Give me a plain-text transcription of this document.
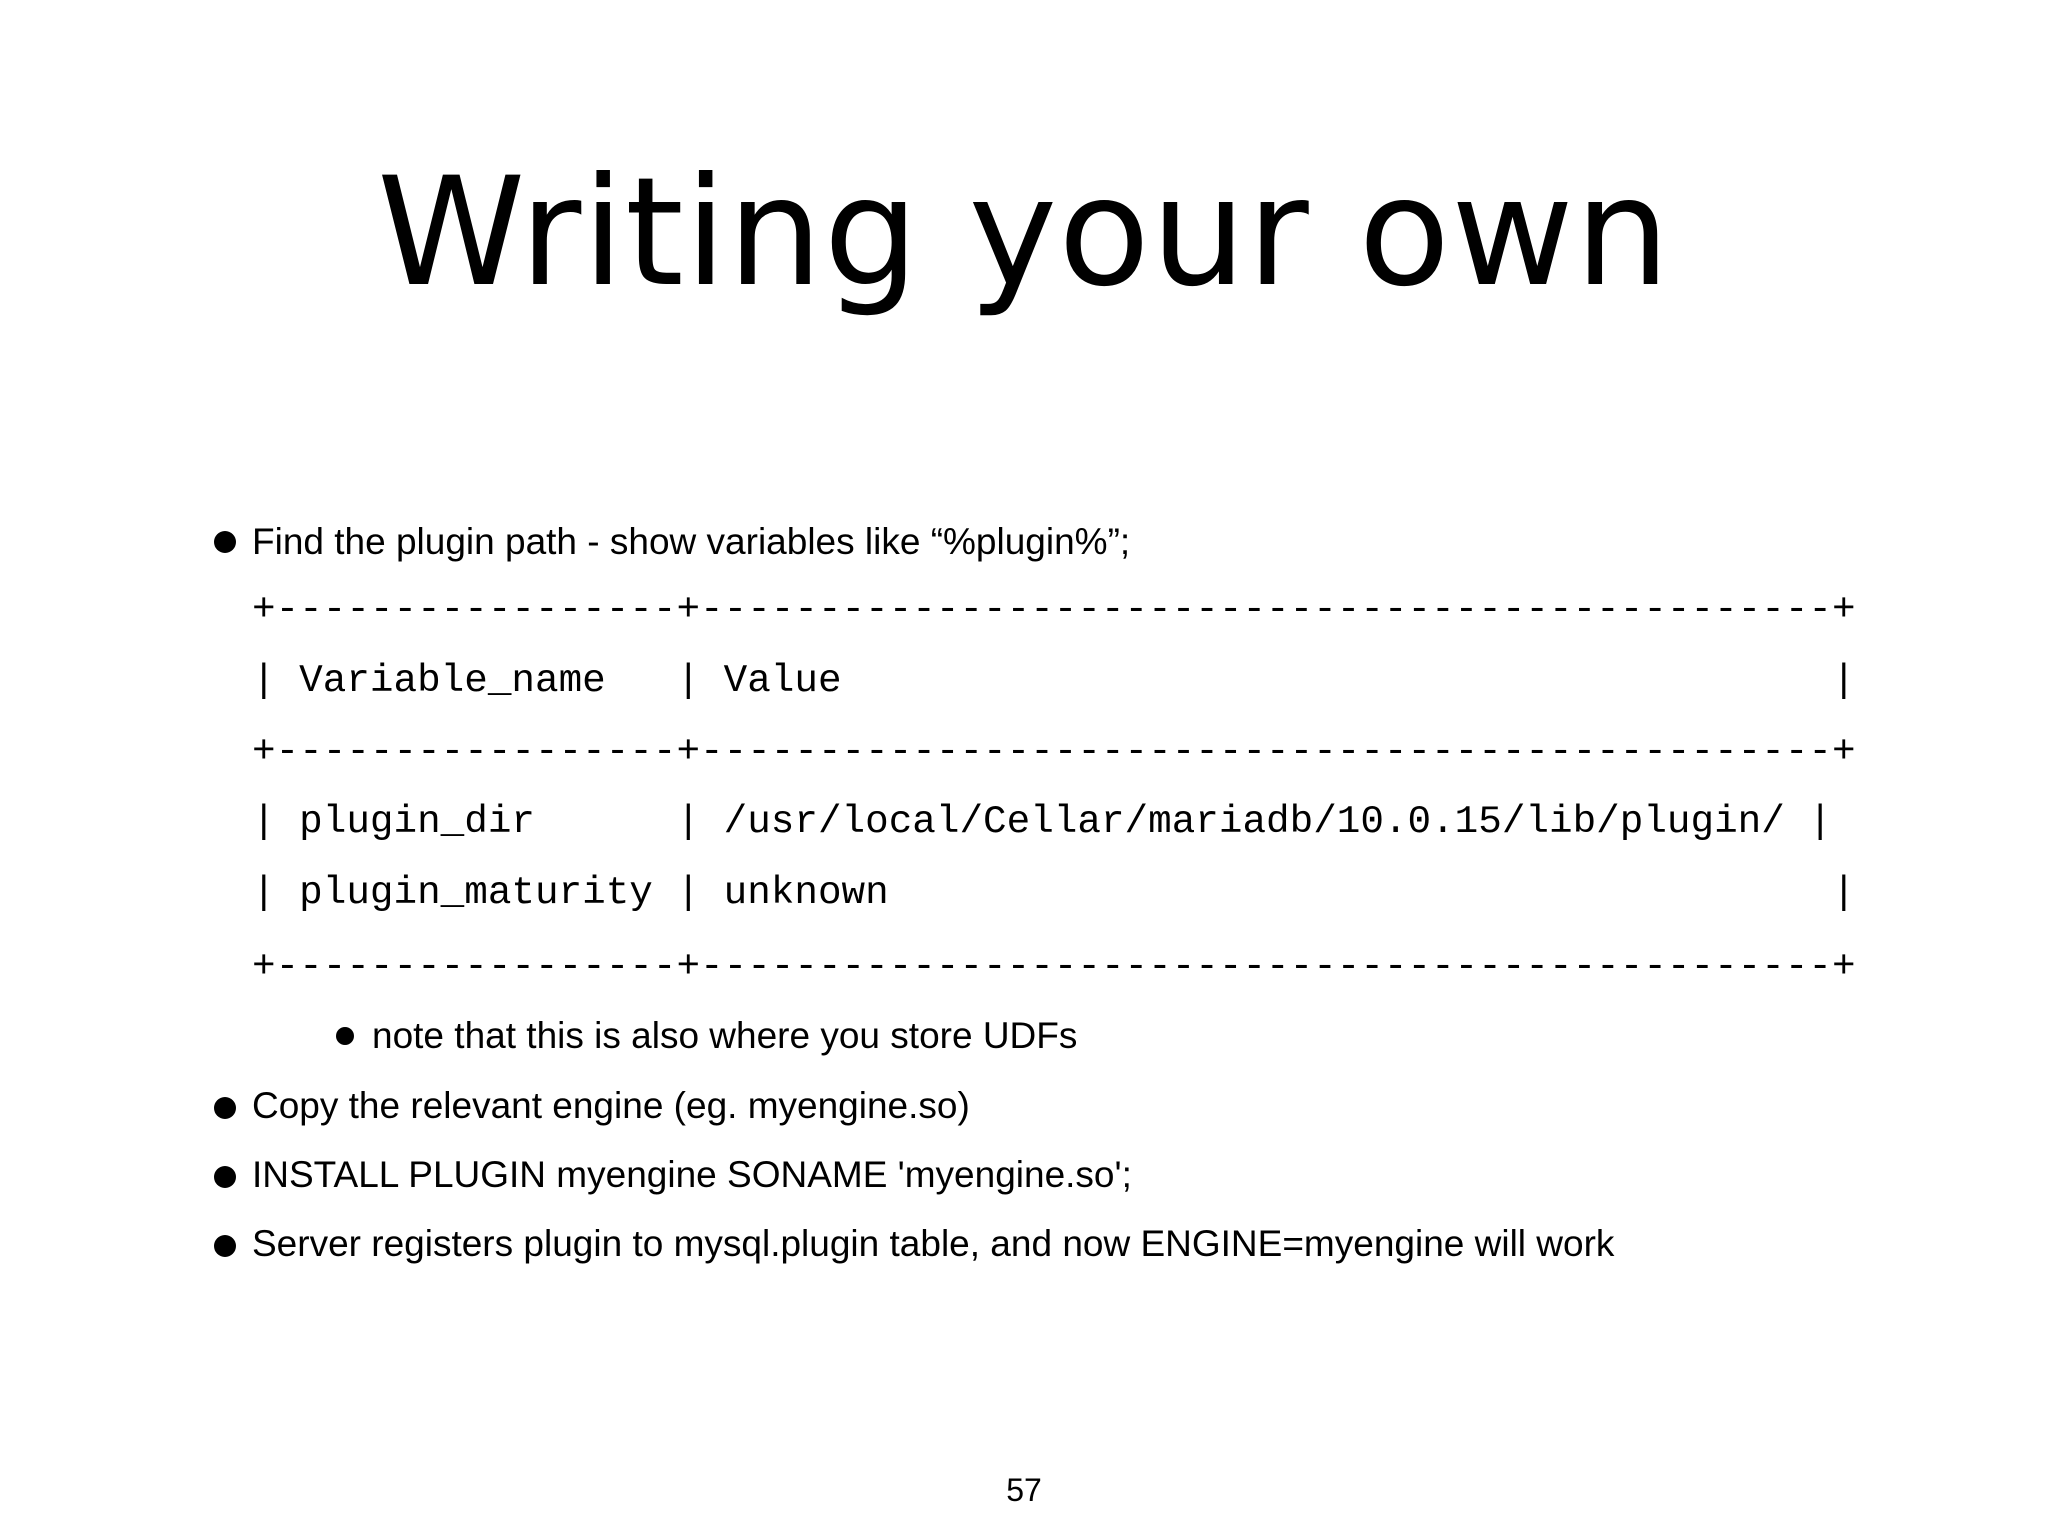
Writing your own
Find the plugin path - show variables like “%plugin%”;
+-----------------+------------------------------------------------+
| Variable_name   | Value                                          |
+-----------------+------------------------------------------------+
| plugin_dir      | /usr/local/Cellar/mariadb/10.0.15/lib/plugin/ |
| plugin_maturity | unknown                                        |
+-----------------+------------------------------------------------+
note that this is also where you store UDFs
Copy the relevant engine (eg. myengine.so)
INSTALL PLUGIN myengine SONAME 'myengine.so';
Server registers plugin to mysql.plugin table, and now ENGINE=myengine will work
57
